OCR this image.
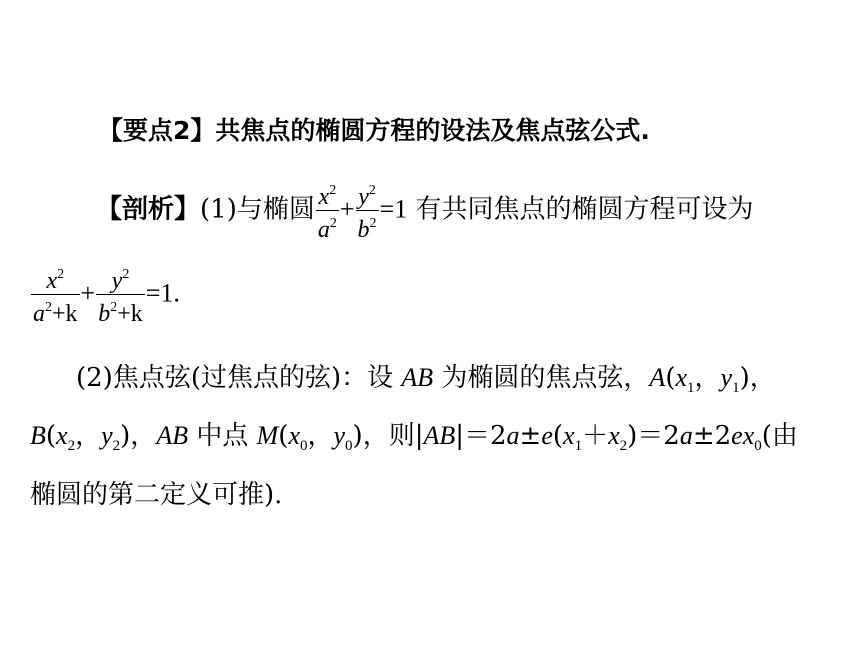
【要点2】共焦点的椭圆方程的设法及焦点弦公式.
【剖析】(1)与椭圆 $\frac{x^2}{a^2} + \frac{y^2}{b^2} =1$ 有共同焦点的椭圆方程可设为
$\frac{x^2}{a^2+k} + \frac{y^2}{b^2+k} =1$.
(2)焦点弦(过焦点的弦)：设 AB 为椭圆的焦点弦，$A(x_1$，$y_1$)，
$B(x_2$，$y_2$)，AB 中点 $M(x_0$，$y_0$)，则$|AB|=2a\pm e(x_1+x_2)=2a\pm 2ex_0$(由
椭圆的第二定义可推).
